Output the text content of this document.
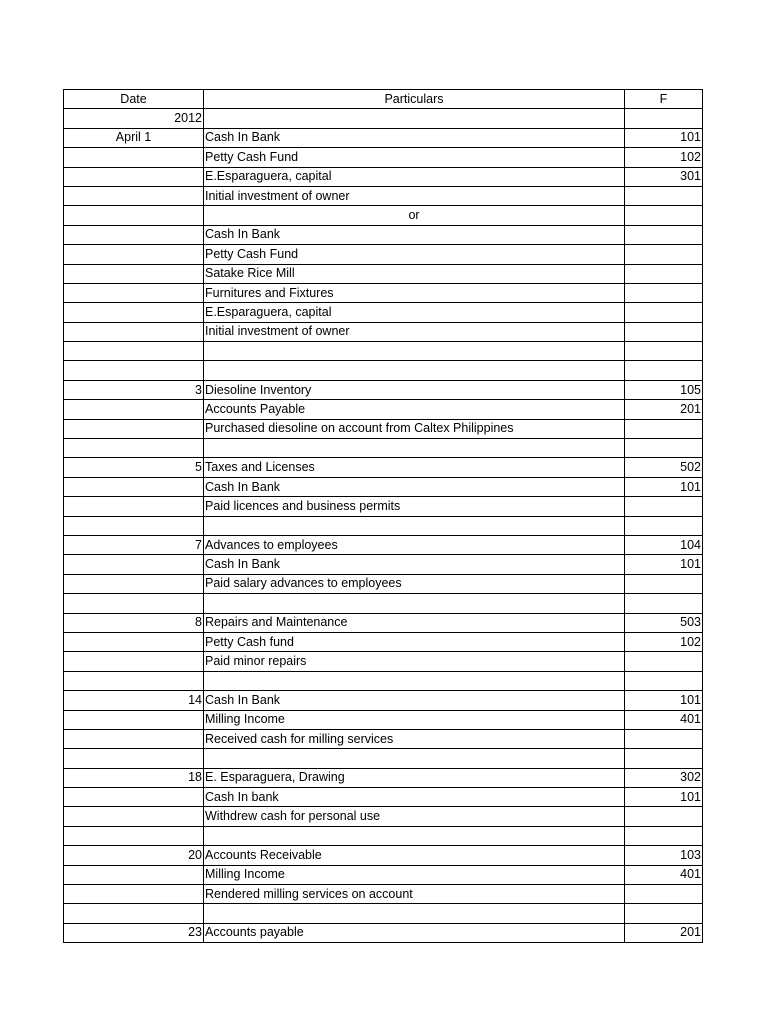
Date	Particulars	F
2012		
April 1	Cash In Bank	101
	Petty Cash Fund	102
	E.Esparaguera, capital	301
	Initial investment of owner	
	or	
	Cash In Bank	
	Petty Cash Fund	
	Satake Rice Mill	
	Furnitures and Fixtures	
	E.Esparaguera, capital	
	Initial investment of owner	

3	Diesoline Inventory	105
	Accounts Payable	201
	Purchased diesoline on account from Caltex Philippines	

5	Taxes and Licenses	502
	Cash In Bank	101
	Paid licences and business permits	

7	Advances to employees	104
	Cash In Bank	101
	Paid salary advances to employees	

8	Repairs and Maintenance	503
	Petty Cash fund	102
	Paid minor repairs	

14	Cash In Bank	101
	Milling Income	401
	Received cash for milling services	

18	E. Esparaguera, Drawing	302
	Cash In bank	101
	Withdrew cash for personal use	

20	Accounts Receivable	103
	Milling Income	401
	Rendered milling services on account	

23	Accounts payable	201
